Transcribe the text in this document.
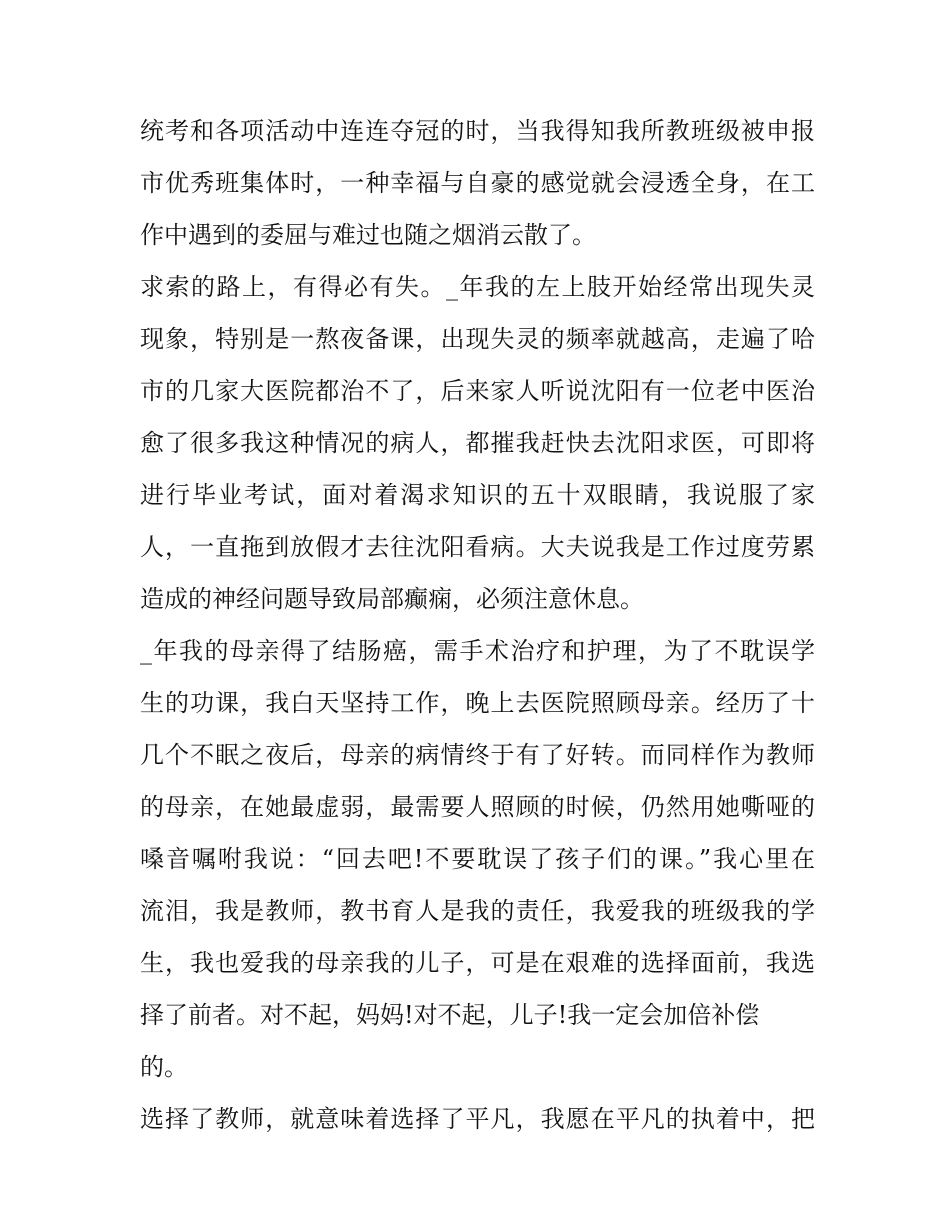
统考和各项活动中连连夺冠的时，当我得知我所教班级被申报
市优秀班集体时，一种幸福与自豪的感觉就会浸透全身，在工
作中遇到的委屈与难过也随之烟消云散了。
求索的路上，有得必有失。_年我的左上肢开始经常出现失灵
现象，特别是一熬夜备课，出现失灵的频率就越高，走遍了哈
市的几家大医院都治不了，后来家人听说沈阳有一位老中医治
愈了很多我这种情况的病人，都摧我赶快去沈阳求医，可即将
进行毕业考试，面对着渴求知识的五十双眼睛，我说服了家
人，一直拖到放假才去往沈阳看病。大夫说我是工作过度劳累
造成的神经问题导致局部癫痫，必须注意休息。
_年我的母亲得了结肠癌，需手术治疗和护理，为了不耽误学
生的功课，我白天坚持工作，晚上去医院照顾母亲。经历了十
几个不眠之夜后，母亲的病情终于有了好转。而同样作为教师
的母亲，在她最虚弱，最需要人照顾的时候，仍然用她嘶哑的
嗓音嘱咐我说：“回去吧!不要耽误了孩子们的课。”我心里在
流泪，我是教师，教书育人是我的责任，我爱我的班级我的学
生，我也爱我的母亲我的儿子，可是在艰难的选择面前，我选
择了前者。对不起，妈妈!对不起，儿子!我一定会加倍补偿
的。
选择了教师，就意味着选择了平凡，我愿在平凡的执着中，把
